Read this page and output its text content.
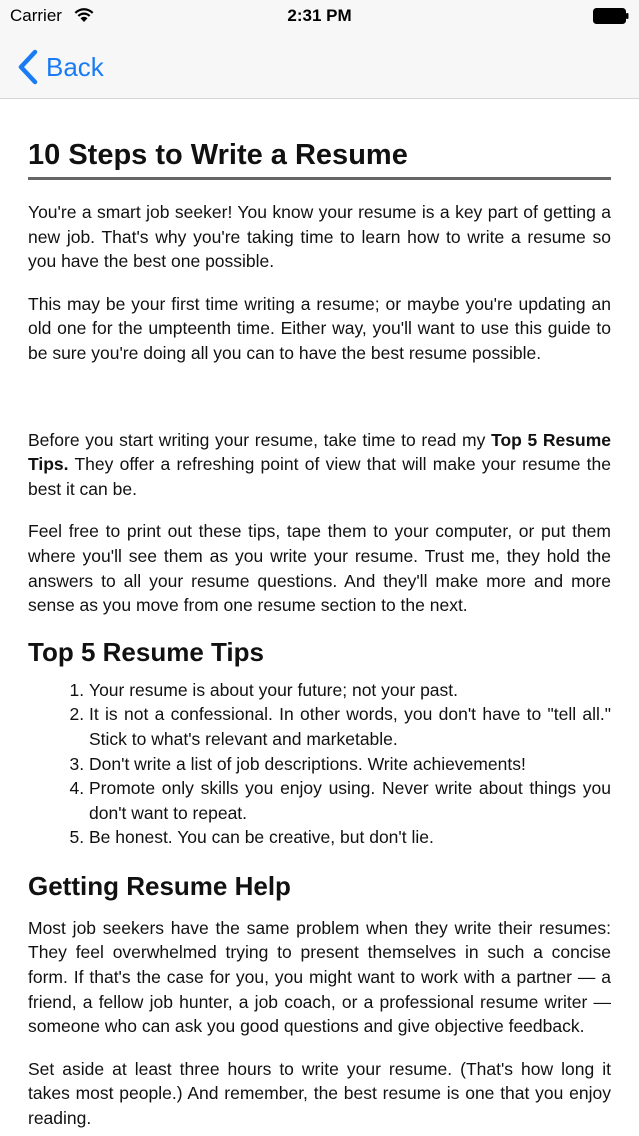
Carrier	2:31 PM
Back
10 Steps to Write a Resume

You're a smart job seeker! You know your resume is a key part of getting a new job. That's why you're taking time to learn how to write a resume so you have the best one possible.

This may be your first time writing a resume; or maybe you're updating an old one for the umpteenth time. Either way, you'll want to use this guide to be sure you're doing all you can to have the best resume possible.

Before you start writing your resume, take time to read my Top 5 Resume Tips. They offer a refreshing point of view that will make your resume the best it can be.

Feel free to print out these tips, tape them to your computer, or put them where you'll see them as you write your resume. Trust me, they hold the answers to all your resume questions. And they'll make more and more sense as you move from one resume section to the next.

Top 5 Resume Tips
1. Your resume is about your future; not your past.
2. It is not a confessional. In other words, you don't have to "tell all." Stick to what's relevant and marketable.
3. Don't write a list of job descriptions. Write achievements!
4. Promote only skills you enjoy using. Never write about things you don't want to repeat.
5. Be honest. You can be creative, but don't lie.
Getting Resume Help

Most job seekers have the same problem when they write their resumes: They feel overwhelmed trying to present themselves in such a concise form. If that's the case for you, you might want to work with a partner — a friend, a fellow job hunter, a job coach, or a professional resume writer — someone who can ask you good questions and give objective feedback.

Set aside at least three hours to write your resume. (That's how long it takes most people.) And remember, the best resume is one that you enjoy reading.
